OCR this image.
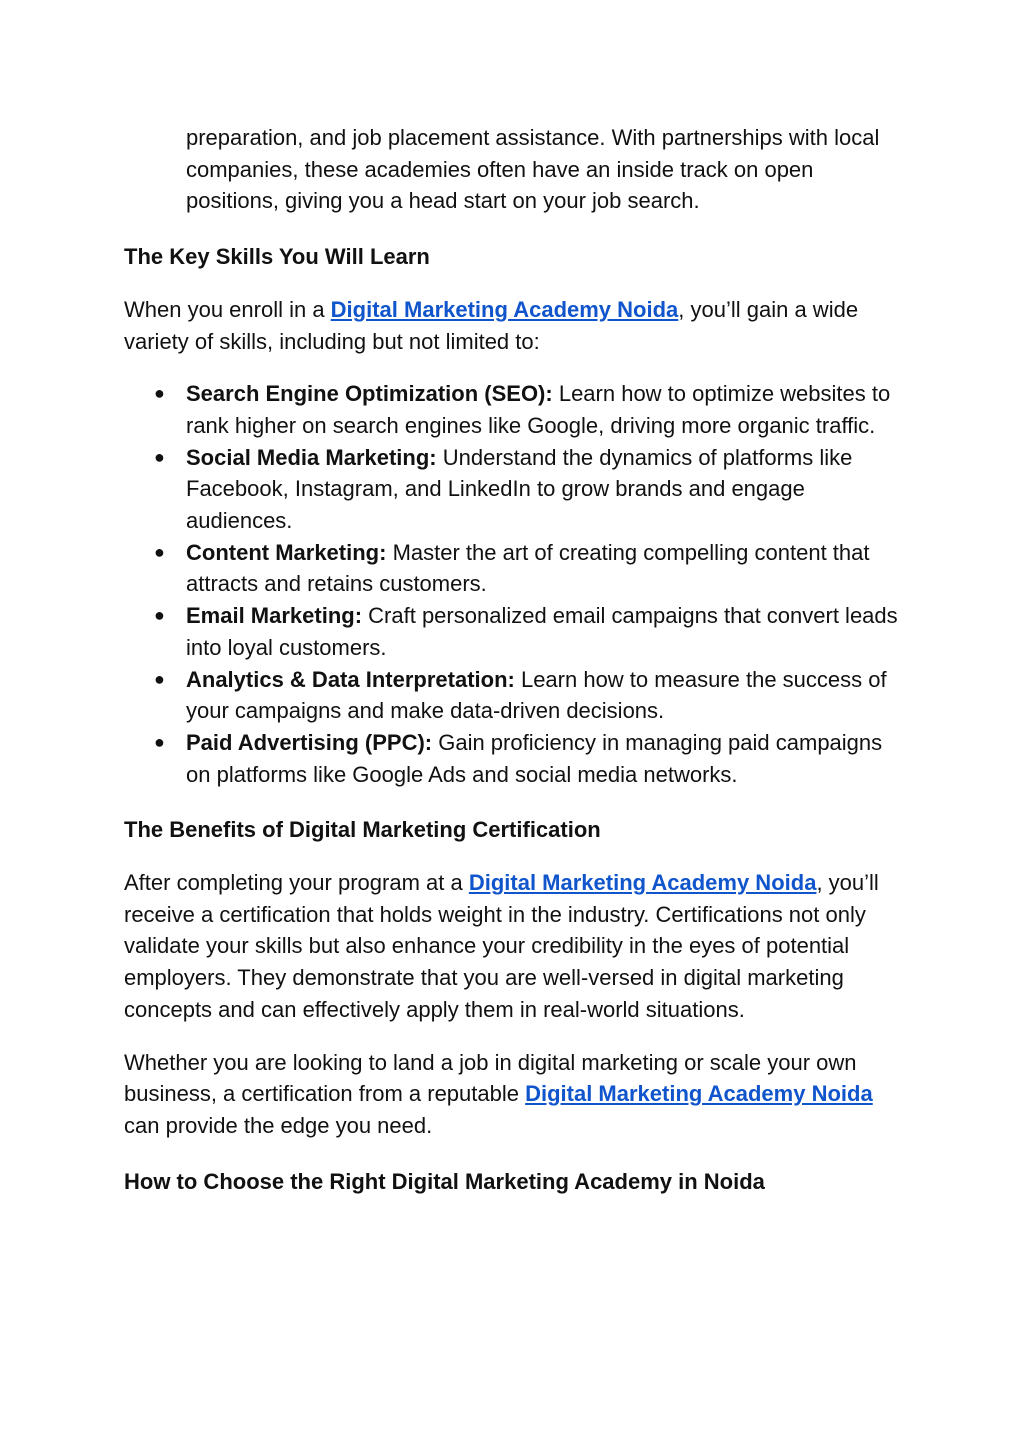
preparation, and job placement assistance. With partnerships with local companies, these academies often have an inside track on open positions, giving you a head start on your job search.

The Key Skills You Will Learn

When you enroll in a Digital Marketing Academy Noida, you’ll gain a wide variety of skills, including but not limited to:

● Search Engine Optimization (SEO): Learn how to optimize websites to rank higher on search engines like Google, driving more organic traffic.
● Social Media Marketing: Understand the dynamics of platforms like Facebook, Instagram, and LinkedIn to grow brands and engage audiences.
● Content Marketing: Master the art of creating compelling content that attracts and retains customers.
● Email Marketing: Craft personalized email campaigns that convert leads into loyal customers.
● Analytics & Data Interpretation: Learn how to measure the success of your campaigns and make data-driven decisions.
● Paid Advertising (PPC): Gain proficiency in managing paid campaigns on platforms like Google Ads and social media networks.

The Benefits of Digital Marketing Certification

After completing your program at a Digital Marketing Academy Noida, you’ll receive a certification that holds weight in the industry. Certifications not only validate your skills but also enhance your credibility in the eyes of potential employers. They demonstrate that you are well-versed in digital marketing concepts and can effectively apply them in real-world situations.

Whether you are looking to land a job in digital marketing or scale your own business, a certification from a reputable Digital Marketing Academy Noida can provide the edge you need.

How to Choose the Right Digital Marketing Academy in Noida
